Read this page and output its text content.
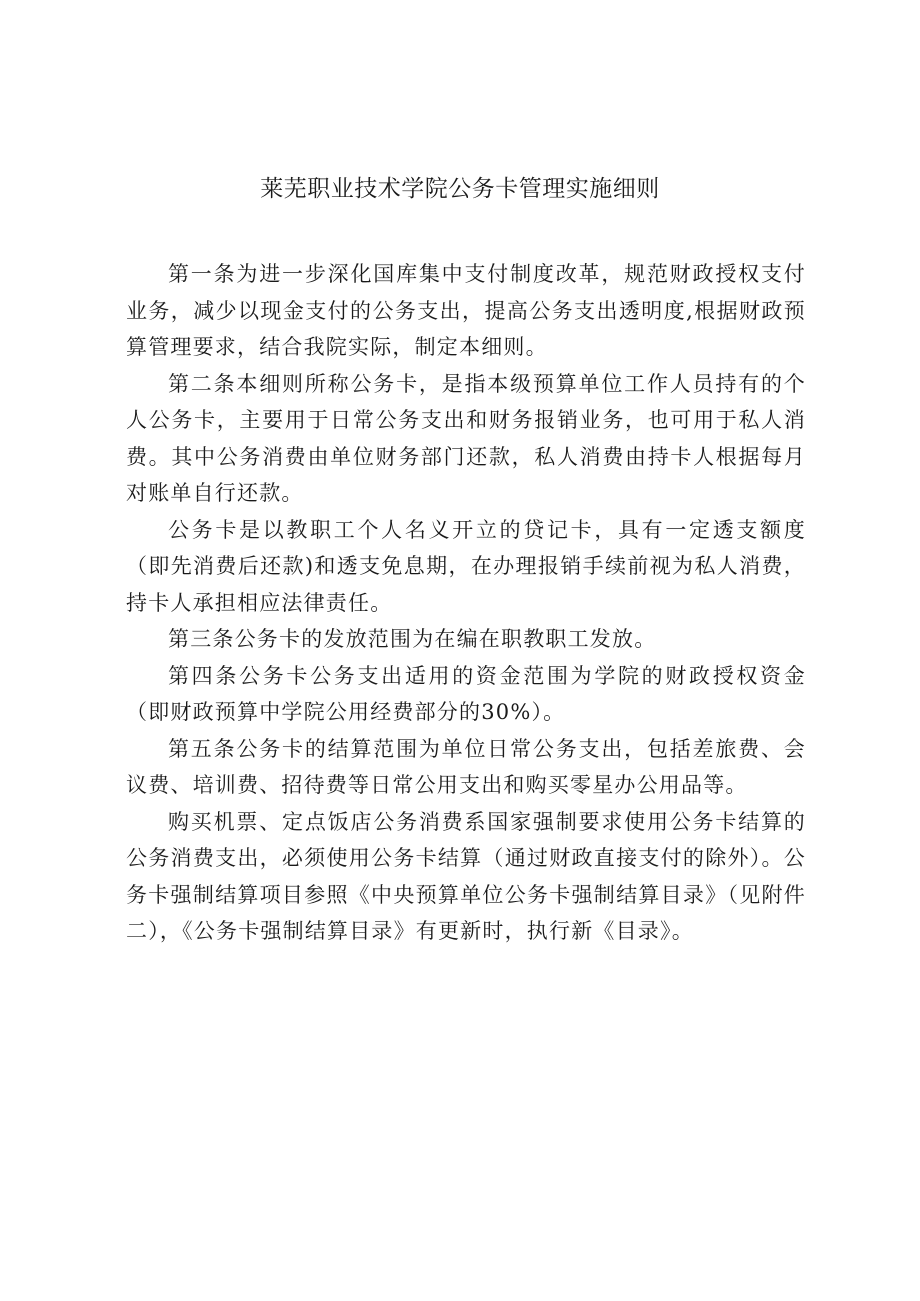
莱芜职业技术学院公务卡管理实施细则

第一条为进一步深化国库集中支付制度改革，规范财政授权支付业务，减少以现金支付的公务支出，提高公务支出透明度,根据财政预算管理要求，结合我院实际，制定本细则。

第二条本细则所称公务卡，是指本级预算单位工作人员持有的个人公务卡，主要用于日常公务支出和财务报销业务，也可用于私人消费。其中公务消费由单位财务部门还款，私人消费由持卡人根据每月对账单自行还款。

公务卡是以教职工个人名义开立的贷记卡，具有一定透支额度（即先消费后还款)和透支免息期，在办理报销手续前视为私人消费，持卡人承担相应法律责任。

第三条公务卡的发放范围为在编在职教职工发放。

第四条公务卡公务支出适用的资金范围为学院的财政授权资金（即财政预算中学院公用经费部分的30%）。

第五条公务卡的结算范围为单位日常公务支出，包括差旅费、会议费、培训费、招待费等日常公用支出和购买零星办公用品等。

购买机票、定点饭店公务消费系国家强制要求使用公务卡结算的公务消费支出，必须使用公务卡结算（通过财政直接支付的除外）。公务卡强制结算项目参照《中央预算单位公务卡强制结算目录》（见附件二），《公务卡强制结算目录》有更新时，执行新《目录》。
